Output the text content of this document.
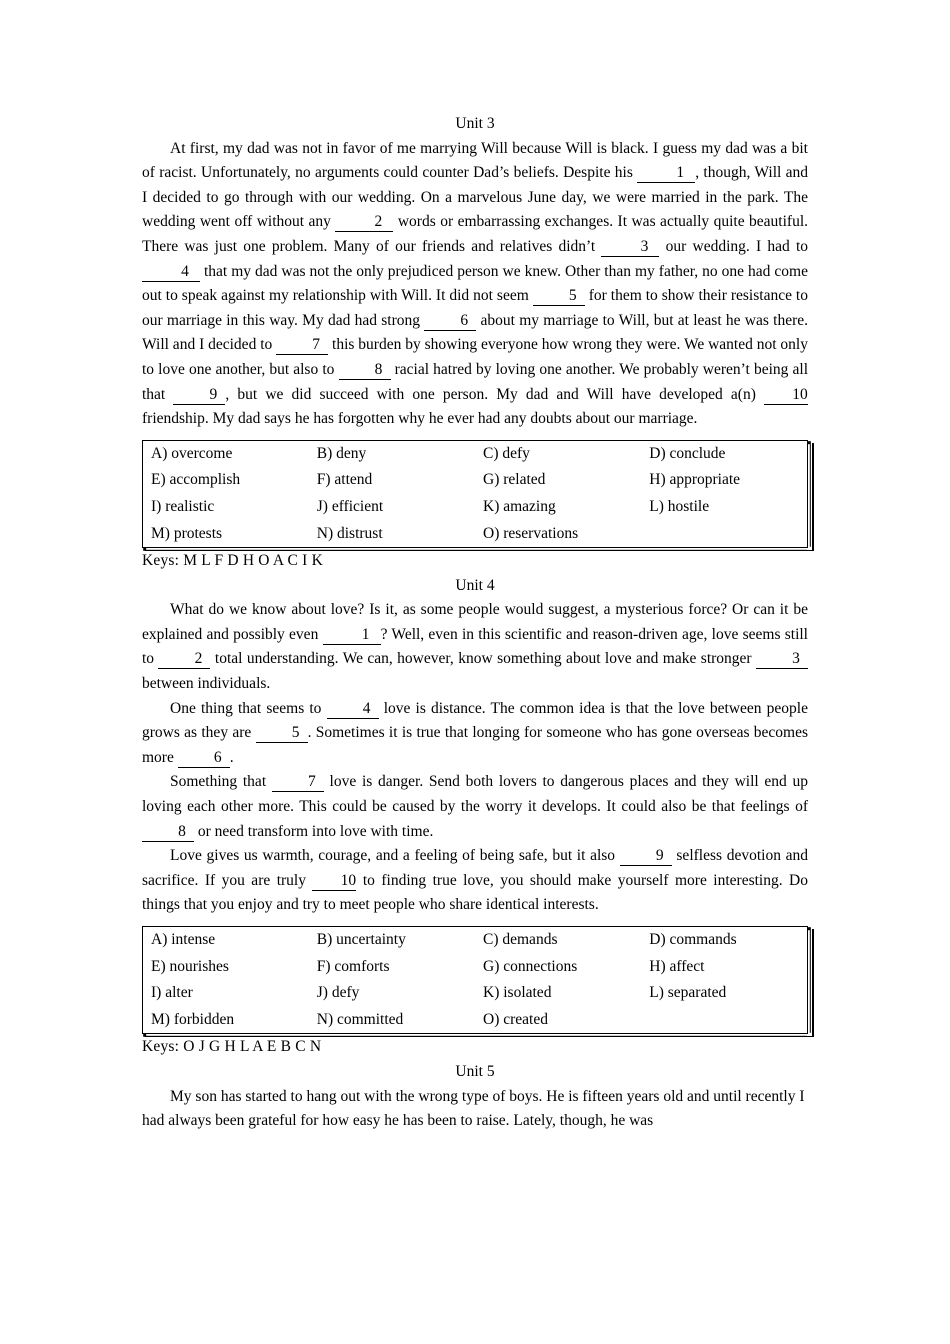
Unit 3

At first, my dad was not in favor of me marrying Will because Will is black. I guess my dad was a bit of racist. Unfortunately, no arguments could counter Dad’s beliefs. Despite his	1 , though, Will and I decided to go through with our wedding. On a marvelous June day, we were married in the park. The wedding went off without any	2 words or embarrassing exchanges. It was actually quite beautiful. There was just one problem. Many of our friends and relatives didn’t	3 our wedding. I had to 4 that my dad was not the only prejudiced person we knew. Other than my father, no one had come out to speak against my relationship with Will. It did not seem 5 for them to show their resistance to our marriage in this way. My dad had strong 6 about my marriage to Will, but at least he was there. Will and I decided to 7 this burden by showing everyone how wrong they were. We wanted not only to love one another, but also to 8 racial hatred by loving one another. We probably weren’t being all that 9 , but we did succeed with one person. My dad and Will have developed a(n) 10 friendship. My dad says he has forgotten why he ever had any doubts about our marriage.

A) overcome	B) deny	C) defy	D) conclude
E) accomplish	F) attend	G) related	H) appropriate
I) realistic	J) efficient	K) amazing	L) hostile
M) protests	N) distrust	O) reservations	
Keys: M L F D H O A C I K
Unit 4

What do we know about love? Is it, as some people would suggest, a mysterious force? Or can it be explained and possibly even	1 ? Well, even in this scientific and reason-driven age, love seems still to 2 total understanding. We can, however, know something about love and make stronger 3 between individuals.

One thing that seems to 4 love is distance. The common idea is that the love between people grows as they are 5 . Sometimes it is true that longing for someone who has gone overseas becomes more 6 .

Something that 7 love is danger. Send both lovers to dangerous places and they will end up loving each other more. This could be caused by the worry it develops. It could also be that feelings of 8 or need transform into love with time.

Love gives us warmth, courage, and a feeling of being safe, but it also 9 selfless devotion and sacrifice. If you are truly 10 to finding true love, you should make yourself more interesting. Do things that you enjoy and try to meet people who share identical interests.

A) intense	B) uncertainty	C) demands	D) commands
E) nourishes	F) comforts	G) connections	H) affect
I) alter	J) defy	K) isolated	L) separated
M) forbidden	N) committed	O) created	
Keys: O J G H L A E B C N
Unit 5

My son has started to hang out with the wrong type of boys. He is fifteen years old and until recently I had always been grateful for how easy he has been to raise. Lately, though, he was
